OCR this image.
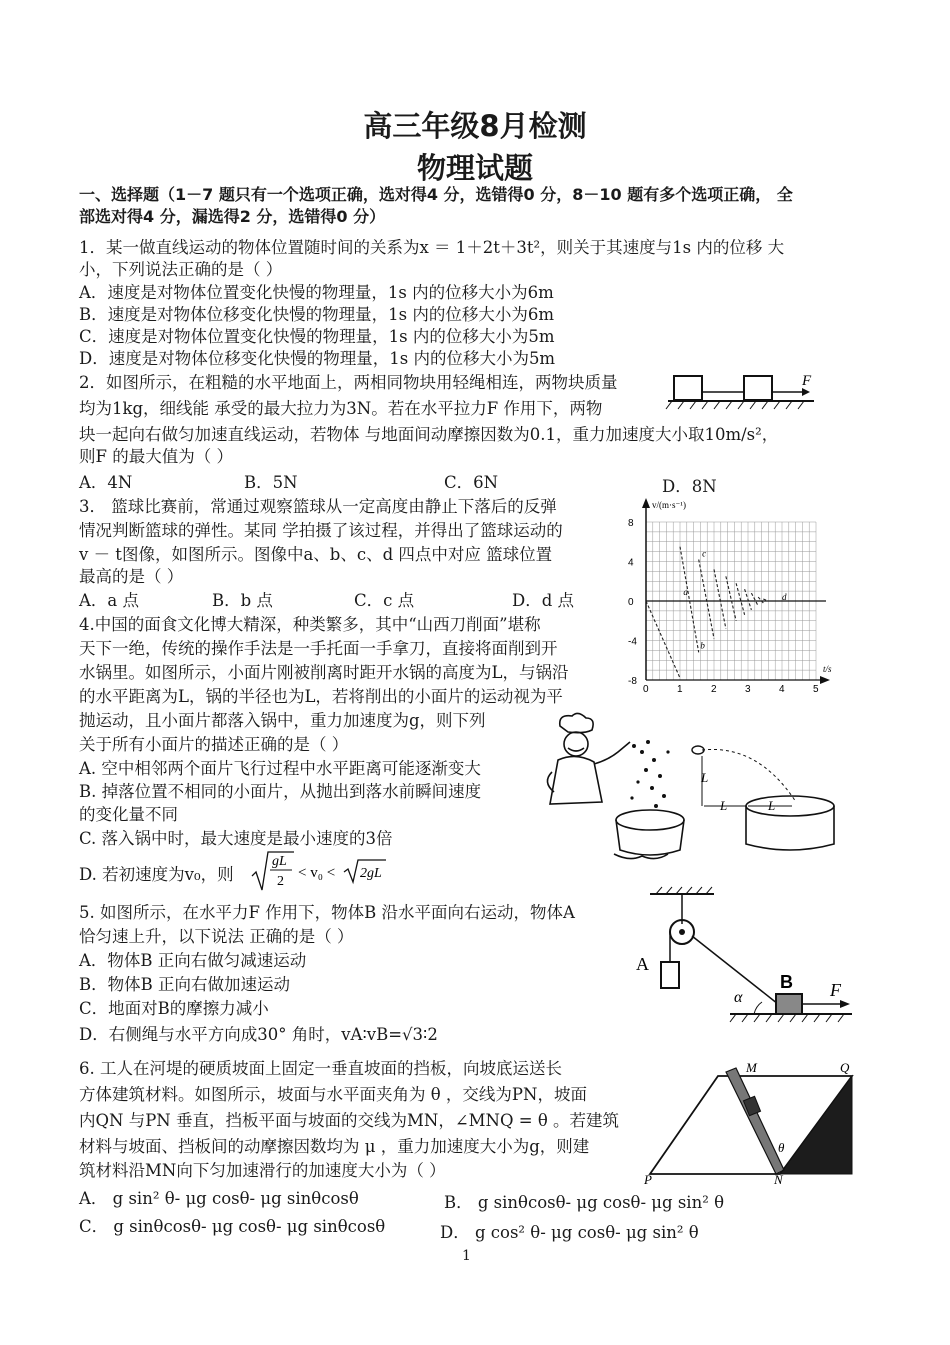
高三年级8月检测
物理试题
一、选择题（1－7 题只有一个选项正确，选对得4 分，选错得0 分，8－10 题有多个选项正确， 全
部选对得4 分，漏选得2 分，选错得0 分）
1．某一做直线运动的物体位置随时间的关系为x ＝ 1＋2t＋3t²，则关于其速度与1s 内的位移 大
小，下列说法正确的是（ ）
A．速度是对物体位置变化快慢的物理量，1s 内的位移大小为6m
B．速度是对物体位移变化快慢的物理量，1s 内的位移大小为6m
C．速度是对物体位置变化快慢的物理量，1s 内的位移大小为5m
D．速度是对物体位移变化快慢的物理量，1s 内的位移大小为5m
2．如图所示，在粗糙的水平地面上，两相同物块用轻绳相连，两物块质量
均为1kg，细线能 承受的最大拉力为3N。若在水平拉力F 作用下，两物
块一起向右做匀加速直线运动，若物体 与地面间动摩擦因数为0.1，重力加速度大小取10m/s²，
则F 的最大值为（ ）
A．4N	B．5N	C．6N	D．8N
F
3． 篮球比赛前，常通过观察篮球从一定高度由静止下落后的反弹
情况判断篮球的弹性。某同 学拍摄了该过程，并得出了篮球运动的
v － t图像，如图所示。图像中a、b、c、d 四点中对应 篮球位置
最高的是（ ）
A．a 点	B．b 点	C．c 点	D．d 点
v/(m·s⁻¹)
t/s
8
4
0
-4
-8
0	1	2	3	4	5
a
b
c
d
4.中国的面食文化博大精深，种类繁多，其中“山西刀削面”堪称
天下一绝，传统的操作手法是一手托面一手拿刀，直接将面削到开
水锅里。如图所示，小面片刚被削离时距开水锅的高度为L，与锅沿
的水平距离为L，锅的半径也为L，若将削出的小面片的运动视为平
抛运动，且小面片都落入锅中，重力加速度为g，则下列
关于所有小面片的描述正确的是（ ）
A. 空中相邻两个面片飞行过程中水平距离可能逐渐变大
B. 掉落位置不相同的小面片，从抛出到落水前瞬间速度
的变化量不同
C. 落入锅中时，最大速度是最小速度的3倍
D. 若初速度为v₀，则
gL
2
< v₀ < 2gL
L
L	L
5. 如图所示，在水平力F 作用下，物体B 沿水平面向右运动，物体A
恰匀速上升，以下说法 正确的是（ ）
A．物体B 正向右做匀减速运动
B．物体B 正向右做加速运动
C．地面对B的摩擦力减小
D．右侧绳与水平方向成30° 角时，vA∶vB=√3∶2
A
B
α	F
6. 工人在河堤的硬质坡面上固定一垂直坡面的挡板，向坡底运送长
方体建筑材料。如图所示，坡面与水平面夹角为 θ ，交线为PN，坡面
内QN 与PN 垂直，挡板平面与坡面的交线为MN，∠MNQ = θ 。若建筑
材料与坡面、挡板间的动摩擦因数均为 μ ，重力加速度大小为g，则建
筑材料沿MN向下匀加速滑行的加速度大小为（ ）
A． g sin² θ- μg cosθ- μg sinθcosθ	B． g sinθcosθ- μg cosθ- μg sin² θ
C． g sinθcosθ- μg cosθ- μg sinθcosθ	D． g cos² θ- μg cosθ- μg sin² θ
M	Q
P	N
θ
1
